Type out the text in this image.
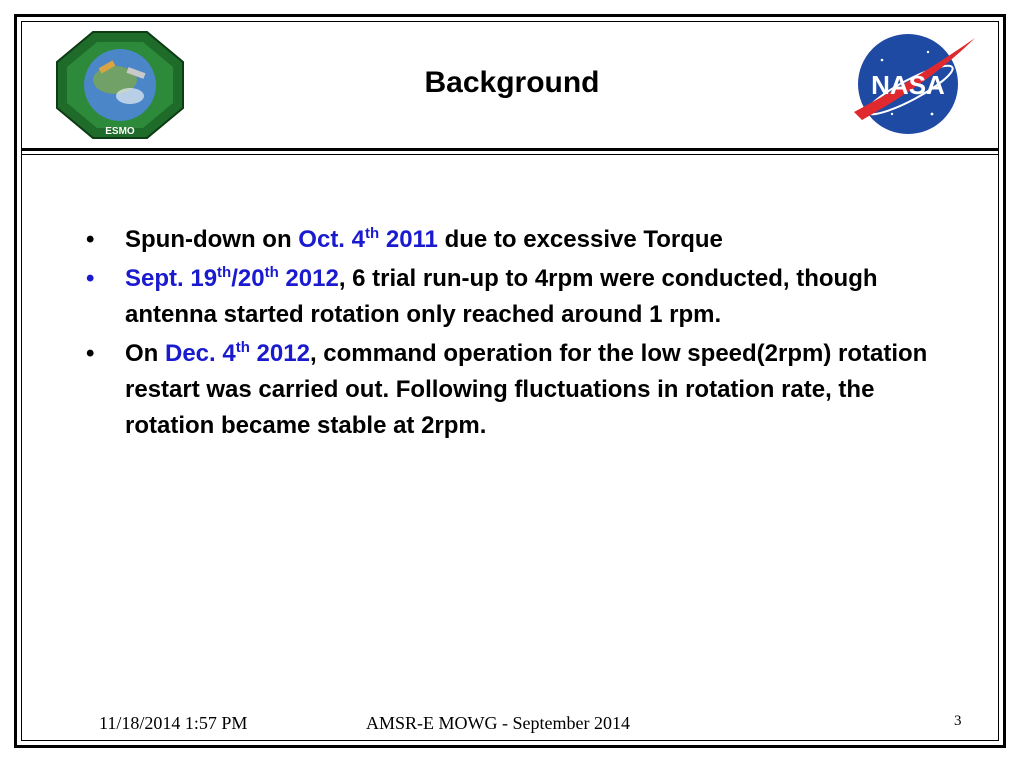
ESMO
Background	NASA
• Spun-down on Oct. 4th 2011 due to excessive Torque
• Sept. 19th/20th 2012, 6 trial run-up to 4rpm were conducted, though antenna started rotation only reached around 1 rpm.
• On Dec. 4th 2012, command operation for the low speed(2rpm) rotation restart was carried out. Following fluctuations in rotation rate, the rotation became stable at 2rpm.
11/18/2014 1:57 PM	AMSR-E MOWG - September 2014	3
